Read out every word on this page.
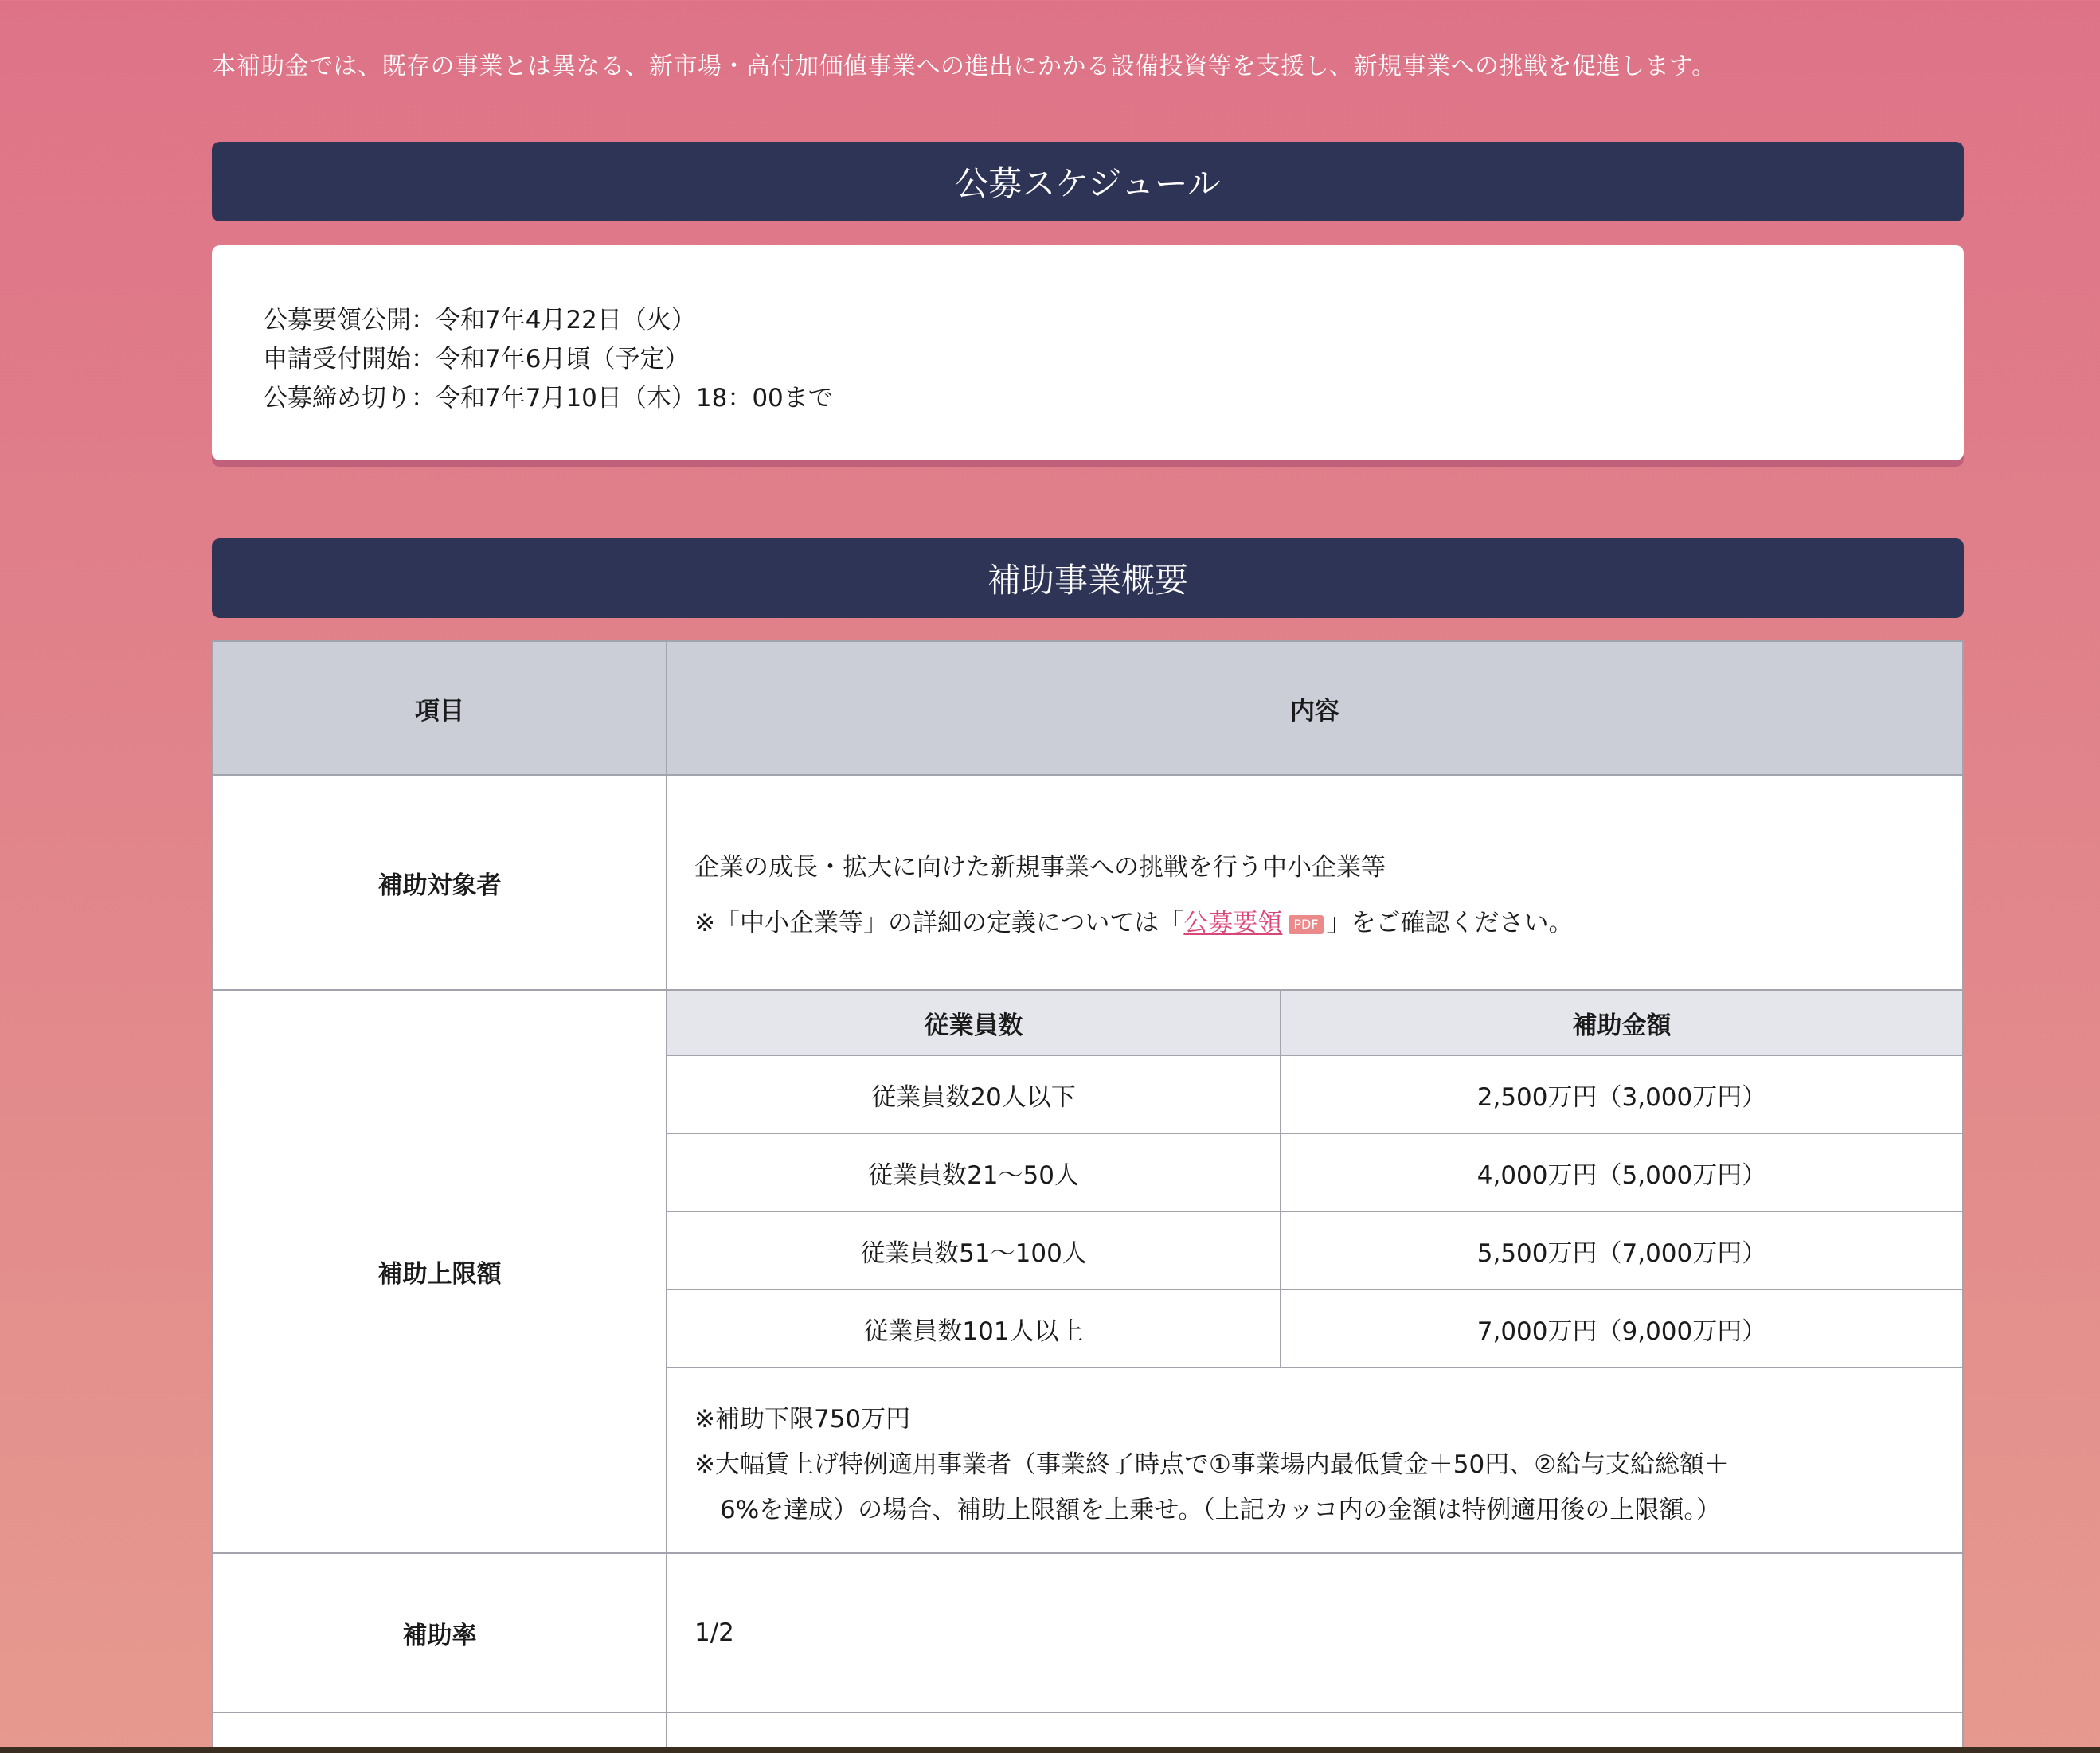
本補助金では、既存の事業とは異なる、新市場・高付加価値事業への進出にかかる設備投資等を支援し、新規事業への挑戦を促進します。

公募スケジュール

公募要領公開：令和7年4月22日（火）

申請受付開始：令和7年6月頃（予定）

公募締め切り：令和7年7月10日（木）18：00まで

補助事業概要
項目	内容
補助対象者
企業の成長・拡大に向けた新規事業への挑戦を行う中小企業等
※「中小企業等」の詳細の定義については「公募要領 PDF 」をご確認ください。
補助上限額
従業員数	補助金額
従業員数20人以下	2,500万円（3,000万円）
従業員数21～50人	4,000万円（5,000万円）
従業員数51～100人	5,500万円（7,000万円）
従業員数101人以上	7,000万円（9,000万円）
※補助下限750万円
※大幅賃上げ特例適用事業者（事業終了時点で①事業場内最低賃金＋50円、②給与支給総額＋
6%を達成）の場合、補助上限額を上乗せ。（上記カッコ内の金額は特例適用後の上限額。）
補助率	1/2
